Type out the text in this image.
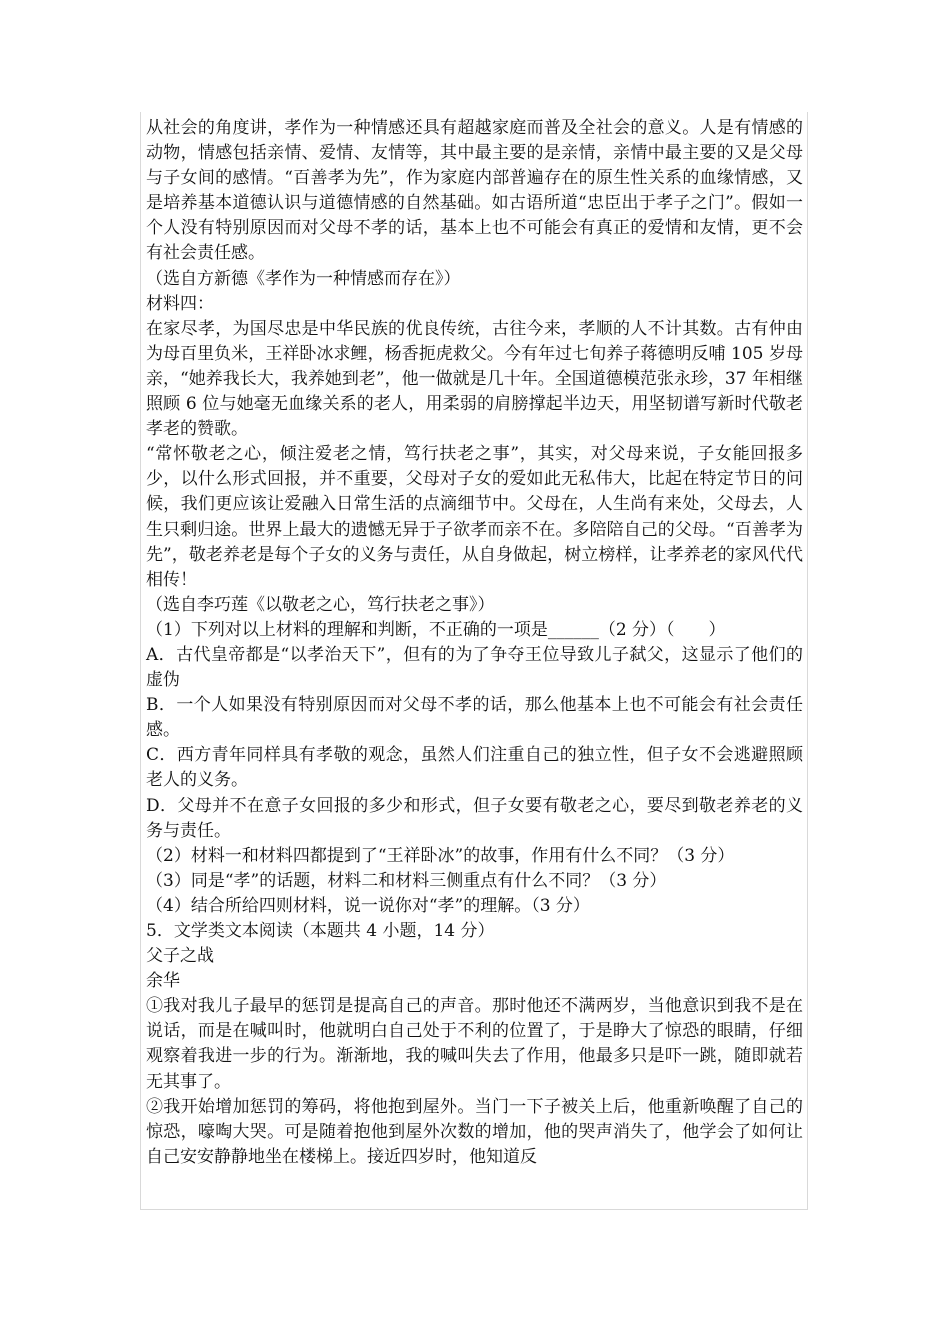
从社会的角度讲，孝作为一种情感还具有超越家庭而普及全社会的意义。人是有情感的动物，情感包括亲情、爱情、友情等，其中最主要的是亲情，亲情中最主要的又是父母与子女间的感情。“百善孝为先”，作为家庭内部普遍存在的原生性关系的血缘情感，又是培养基本道德认识与道德情感的自然基础。如古语所道“忠臣出于孝子之门”。假如一个人没有特别原因而对父母不孝的话，基本上也不可能会有真正的爱情和友情，更不会有社会责任感。

（选自方新德《孝作为一种情感而存在》）

材料四：

在家尽孝，为国尽忠是中华民族的优良传统，古往今来，孝顺的人不计其数。古有仲由为母百里负米，王祥卧冰求鲤，杨香扼虎救父。今有年过七旬养子蒋德明反哺 105 岁母亲，“她养我长大，我养她到老”，他一做就是几十年。全国道德模范张永珍，37 年相继照顾 6 位与她毫无血缘关系的老人，用柔弱的肩膀撑起半边天，用坚韧谱写新时代敬老孝老的赞歌。

“常怀敬老之心，倾注爱老之情，笃行扶老之事”，其实，对父母来说，子女能回报多少，以什么形式回报，并不重要，父母对子女的爱如此无私伟大，比起在特定节日的问候，我们更应该让爱融入日常生活的点滴细节中。父母在，人生尚有来处，父母去，人生只剩归途。世界上最大的遗憾无异于子欲孝而亲不在。多陪陪自己的父母。“百善孝为先”，敬老养老是每个子女的义务与责任，从自身做起，树立榜样，让孝养老的家风代代相传！

（选自李巧莲《以敬老之心，笃行扶老之事》）

（1）下列对以上材料的理解和判断，不正确的一项是______（2 分）（　　）

A．古代皇帝都是“以孝治天下”，但有的为了争夺王位导致儿子弑父，这显示了他们的虚伪

B．一个人如果没有特别原因而对父母不孝的话，那么他基本上也不可能会有社会责任感。

C．西方青年同样具有孝敬的观念，虽然人们注重自己的独立性，但子女不会逃避照顾老人的义务。

D．父母并不在意子女回报的多少和形式，但子女要有敬老之心，要尽到敬老养老的义务与责任。

（2）材料一和材料四都提到了“王祥卧冰”的故事，作用有什么不同？（3 分）

（3）同是“孝”的话题，材料二和材料三侧重点有什么不同？（3 分）

（4）结合所给四则材料，说一说你对“孝”的理解。（3 分）

5．文学类文本阅读（本题共 4 小题，14 分）

父子之战

余华

①我对我儿子最早的惩罚是提高自己的声音。那时他还不满两岁，当他意识到我不是在说话，而是在喊叫时，他就明白自己处于不利的位置了，于是睁大了惊恐的眼睛，仔细观察着我进一步的行为。渐渐地，我的喊叫失去了作用，他最多只是吓一跳，随即就若无其事了。

②我开始增加惩罚的筹码，将他抱到屋外。当门一下子被关上后，他重新唤醒了自己的惊恐，嚎啕大哭。可是随着抱他到屋外次数的增加，他的哭声消失了，他学会了如何让自己安安静静地坐在楼梯上。接近四岁时，他知道反
